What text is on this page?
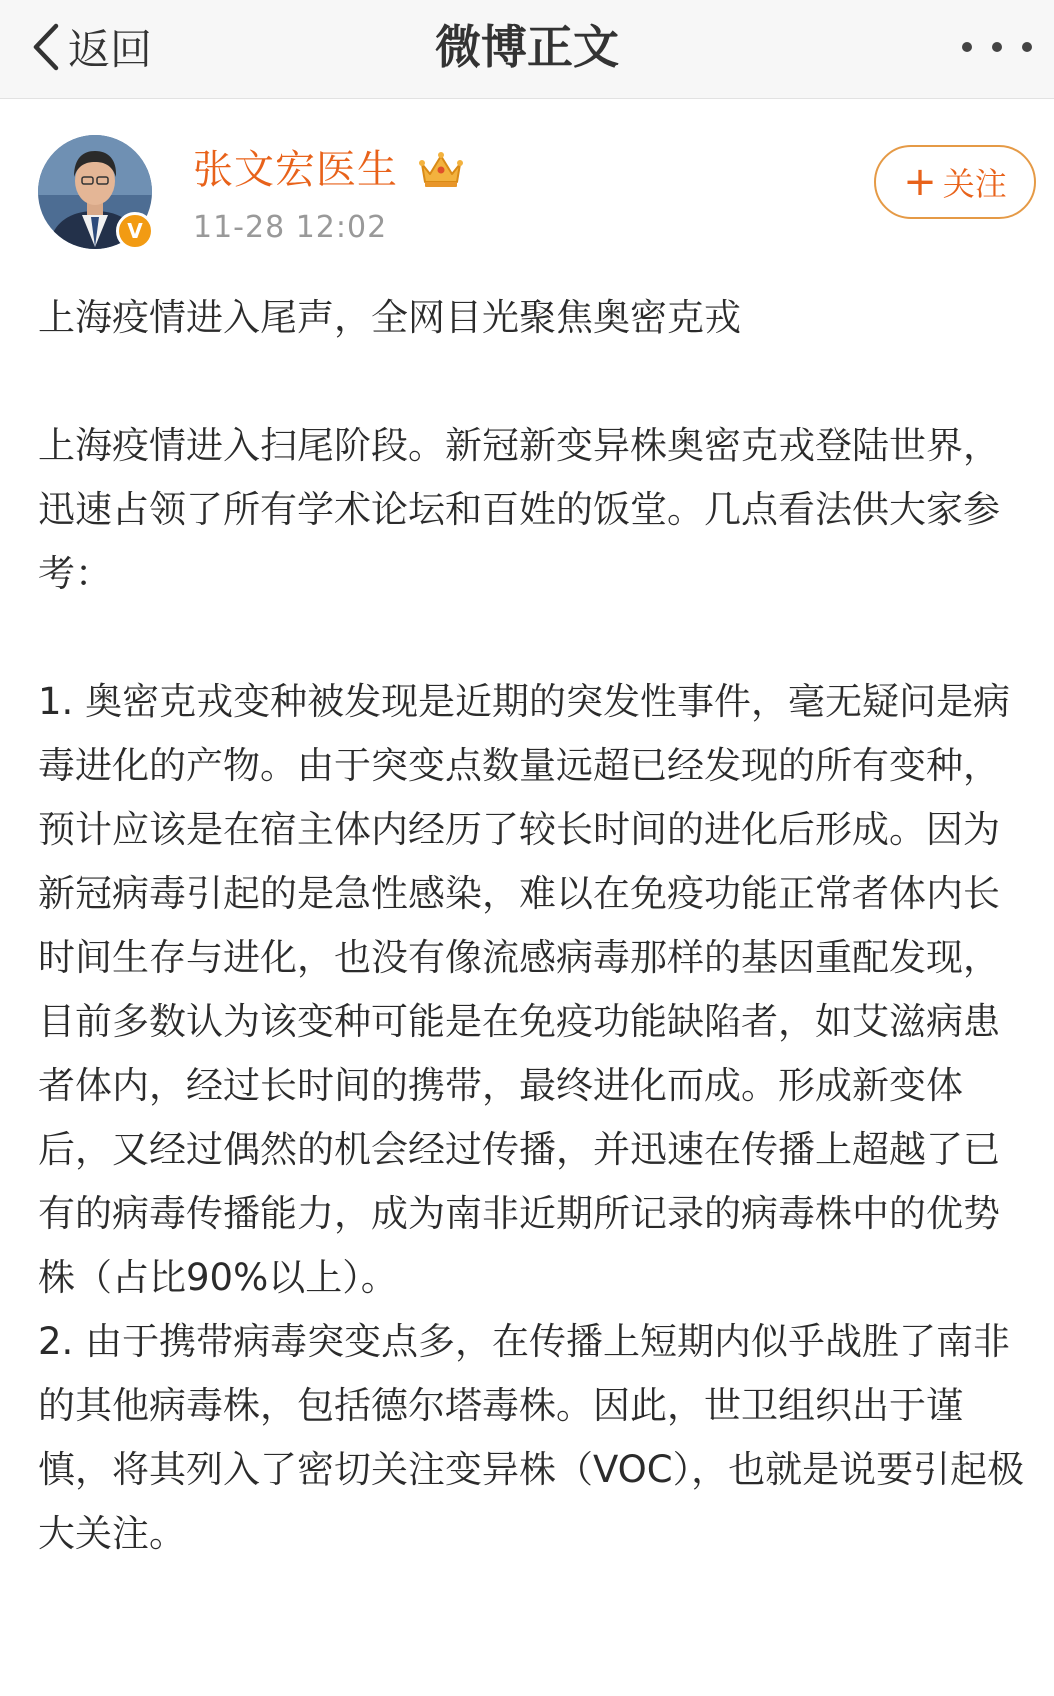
返回	微博正文
V
张文宏医生
11-28 12:02
+ 关注

上海疫情进入尾声，全网目光聚焦奥密克戎

上海疫情进入扫尾阶段。新冠新变异株奥密克戎登陆世界，迅速占领了所有学术论坛和百姓的饭堂。几点看法供大家参考：

1. 奥密克戎变种被发现是近期的突发性事件，毫无疑问是病毒进化的产物。由于突变点数量远超已经发现的所有变种，预计应该是在宿主体内经历了较长时间的进化后形成。因为新冠病毒引起的是急性感染，难以在免疫功能正常者体内长时间生存与进化，也没有像流感病毒那样的基因重配发现，目前多数认为该变种可能是在免疫功能缺陷者，如艾滋病患者体内，经过长时间的携带，最终进化而成。形成新变体后，又经过偶然的机会经过传播，并迅速在传播上超越了已有的病毒传播能力，成为南非近期所记录的病毒株中的优势株（占比90%以上）。

2. 由于携带病毒突变点多，在传播上短期内似乎战胜了南非的其他病毒株，包括德尔塔毒株。因此，世卫组织出于谨慎，将其列入了密切关注变异株（VOC），也就是说要引起极大关注。
